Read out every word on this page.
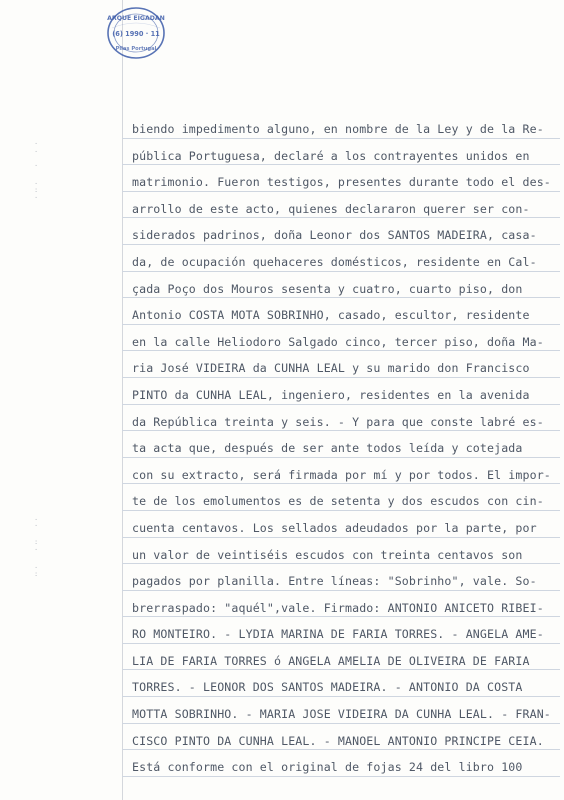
ARQUE EIGADAN
(6) 1990 · 11
Pilas Portugal
.
.

·

.
:
·
.
·

:
·

.
:
biendo impedimento alguno, en nombre de la Ley y de la Re-
pública Portuguesa, declaré a los contrayentes unidos en
matrimonio. Fueron testigos, presentes durante todo el des-
arrollo de este acto, quienes declararon querer ser con-
siderados padrinos, doña Leonor dos SANTOS MADEIRA, casa-
da, de ocupación quehaceres domésticos, residente en Cal-
çada Poço dos Mouros sesenta y cuatro, cuarto piso, don
Antonio COSTA MOTA SOBRINHO, casado, escultor, residente
en la calle Heliodoro Salgado cinco, tercer piso, doña Ma-
ria José VIDEIRA da CUNHA LEAL y su marido don Francisco
PINTO da CUNHA LEAL, ingeniero, residentes en la avenida
da República treinta y seis. - Y para que conste labré es-
ta acta que, después de ser ante todos leída y cotejada
con su extracto, será firmada por mí y por todos. El impor-
te de los emolumentos es de setenta y dos escudos con cin-
cuenta centavos. Los sellados adeudados por la parte, por
un valor de veintiséis escudos con treinta centavos son
pagados por planilla. Entre líneas: "Sobrinho", vale. So-
brerraspado: "aquél",vale. Firmado: ANTONIO ANICETO RIBEI-
RO MONTEIRO. - LYDIA MARINA DE FARIA TORRES. - ANGELA AME-
LIA DE FARIA TORRES ó ANGELA AMELIA DE OLIVEIRA DE FARIA
TORRES. - LEONOR DOS SANTOS MADEIRA. - ANTONIO DA COSTA
MOTTA SOBRINHO. - MARIA JOSE VIDEIRA DA CUNHA LEAL. - FRAN-
CISCO PINTO DA CUNHA LEAL. - MANOEL ANTONIO PRINCIPE CEIA.
Está conforme con el original de fojas 24 del libro 100
